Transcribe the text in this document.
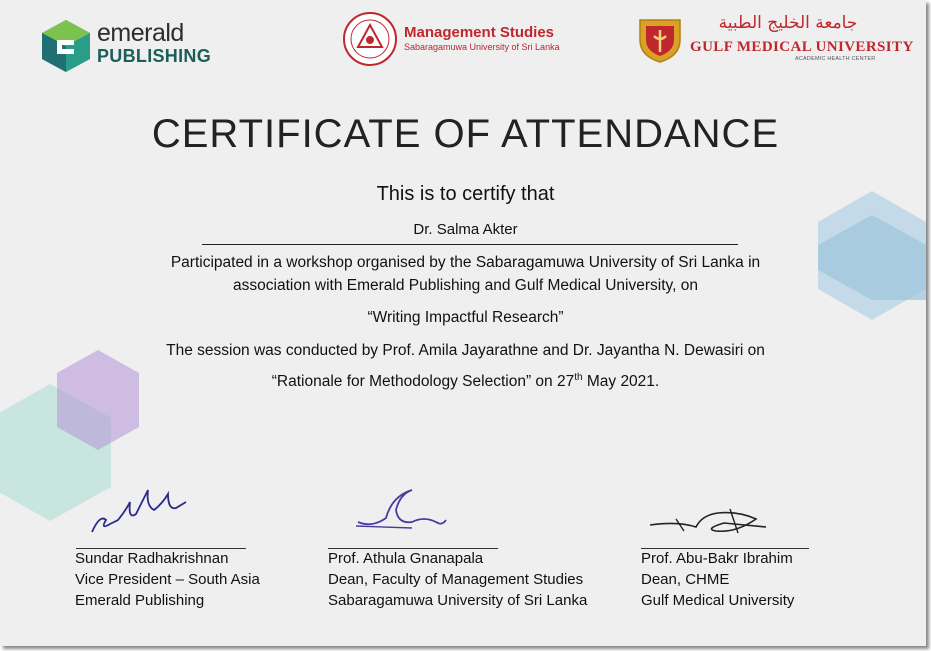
emerald
PUBLISHING
Management Studies
Sabaragamuwa University of Sri Lanka
جامعة الخليج الطبية
GULF MEDICAL UNIVERSITY
ACADEMIC HEALTH CENTER
CERTIFICATE OF ATTENDANCE
This is to certify that
Dr. Salma Akter
Participated in a workshop organised by the Sabaragamuwa University of Sri Lanka in
association with Emerald Publishing and Gulf Medical University, on
“Writing Impactful Research”
The session was conducted by Prof. Amila Jayarathne and Dr. Jayantha N. Dewasiri on
“Rationale for Methodology Selection” on 27th May 2021.
Sundar Radhakrishnan
Vice President – South Asia
Emerald Publishing
Prof. Athula Gnanapala
Dean, Faculty of Management Studies
Sabaragamuwa University of Sri Lanka
Prof. Abu-Bakr Ibrahim
Dean, CHME
Gulf Medical University
